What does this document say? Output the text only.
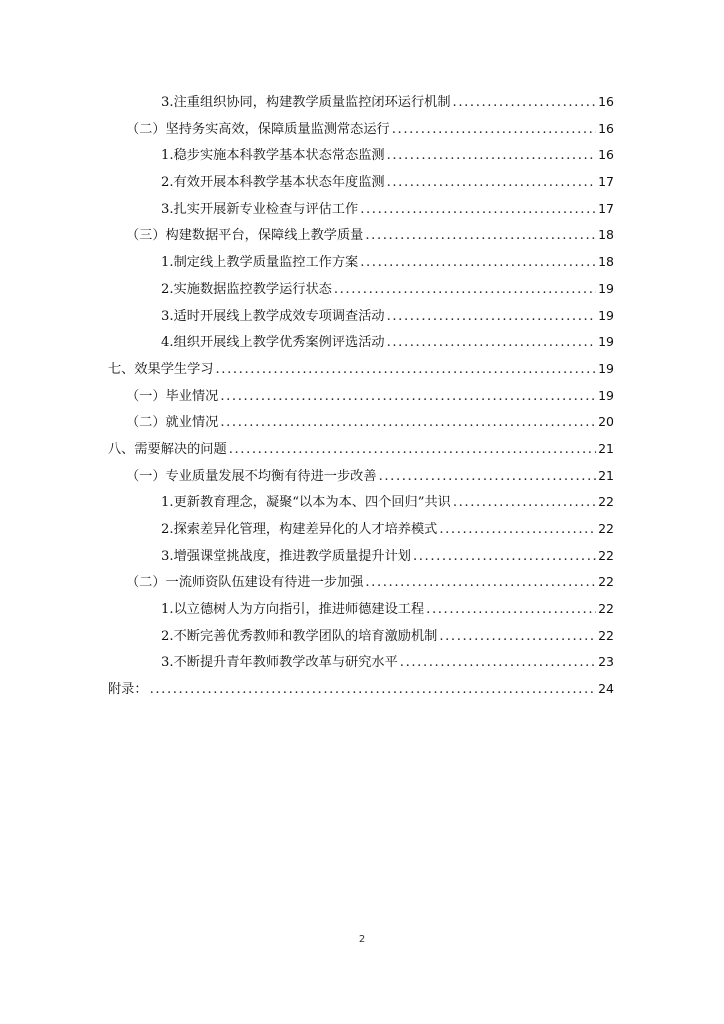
3.注重组织协同，构建教学质量监控闭环运行机制 .....	16
（二）坚持务实高效，保障质量监测常态运行 .....	16
1.稳步实施本科教学基本状态常态监测 .....	16
2.有效开展本科教学基本状态年度监测 .....	17
3.扎实开展新专业检查与评估工作 .....	17
（三）构建数据平台，保障线上教学质量 .....	18
1.制定线上教学质量监控工作方案 .....	18
2.实施数据监控教学运行状态 .....	19
3.适时开展线上教学成效专项调查活动 .....	19
4.组织开展线上教学优秀案例评选活动 .....	19
七、效果学生学习 .....	19
（一）毕业情况 .....	19
（二）就业情况 .....	20
八、需要解决的问题 .....	21
（一）专业质量发展不均衡有待进一步改善 .....	21
1.更新教育理念，凝聚“以本为本、四个回归”共识 .....	22
2.探索差异化管理，构建差异化的人才培养模式 .....	22
3.增强课堂挑战度，推进教学质量提升计划 .....	22
（二）一流师资队伍建设有待进一步加强 .....	22
1.以立德树人为方向指引，推进师德建设工程 .....	22
2.不断完善优秀教师和教学团队的培育激励机制 .....	22
3.不断提升青年教师教学改革与研究水平 .....	23
附录： .....	24
2
